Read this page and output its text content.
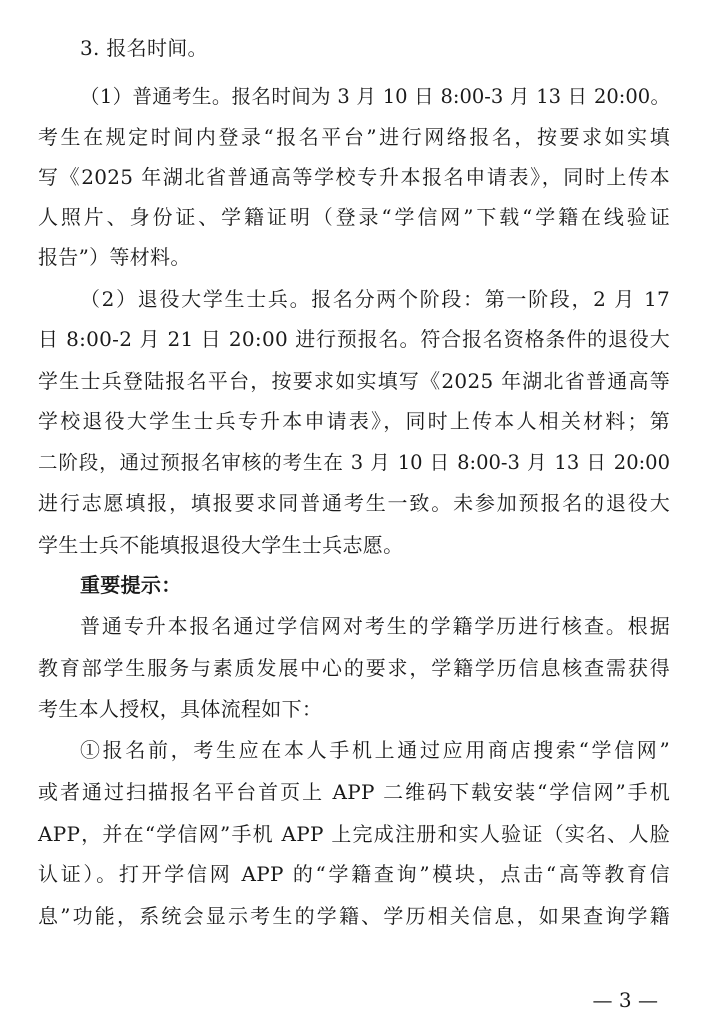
3. 报名时间。
（1）普通考生。报名时间为 3 月 10 日 8:00-3 月 13 日 20:00。
考生在规定时间内登录“报名平台”进行网络报名，按要求如实填
写《2025 年湖北省普通高等学校专升本报名申请表》，同时上传本
人照片、身份证、学籍证明（登录“学信网”下载“学籍在线验证
报告”）等材料。
（2）退役大学生士兵。报名分两个阶段：第一阶段，2 月 17
日 8:00-2 月 21 日 20:00 进行预报名。符合报名资格条件的退役大
学生士兵登陆报名平台，按要求如实填写《2025 年湖北省普通高等
学校退役大学生士兵专升本申请表》，同时上传本人相关材料；第
二阶段，通过预报名审核的考生在 3 月 10 日 8:00-3 月 13 日 20:00
进行志愿填报，填报要求同普通考生一致。未参加预报名的退役大
学生士兵不能填报退役大学生士兵志愿。
重要提示：
普通专升本报名通过学信网对考生的学籍学历进行核查。根据
教育部学生服务与素质发展中心的要求，学籍学历信息核查需获得
考生本人授权，具体流程如下：
①报名前，考生应在本人手机上通过应用商店搜索“学信网”
或者通过扫描报名平台首页上 APP 二维码下载安装“学信网”手机
APP，并在“学信网”手机 APP 上完成注册和实人验证（实名、人脸
认证）。打开学信网 APP 的“学籍查询”模块，点击“高等教育信
息”功能，系统会显示考生的学籍、学历相关信息，如果查询学籍
— 3 —
